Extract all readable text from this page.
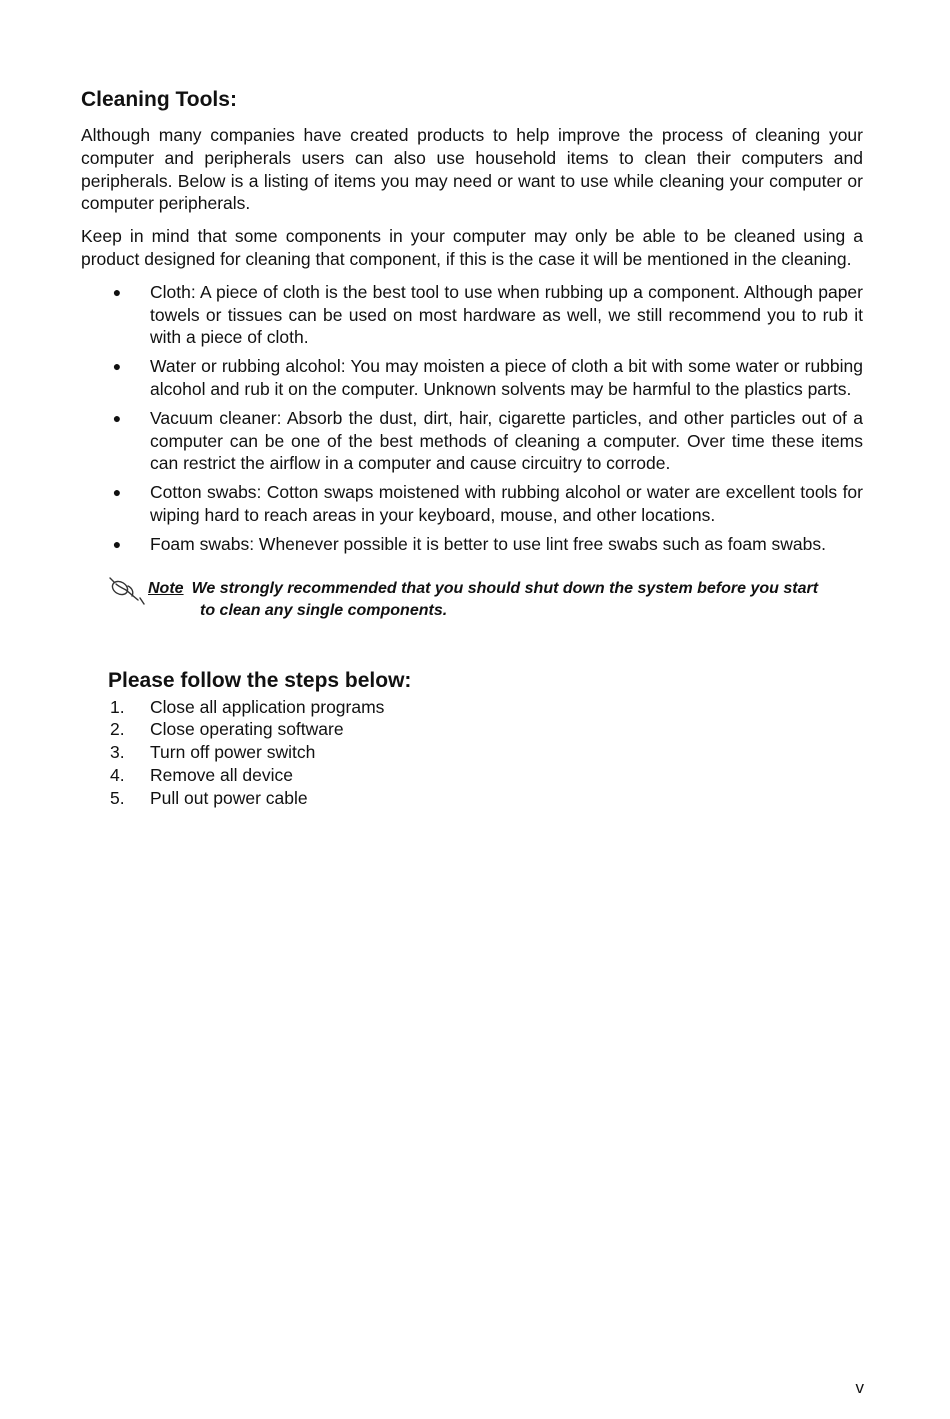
Cleaning Tools:

Although many companies have created products to help improve the process of cleaning your computer and peripherals users can also use household items to clean their computers and peripherals. Below is a listing of items you may need or want to use while cleaning your computer or computer peripherals.

Keep in mind that some components in your computer may only be able to be cleaned using a product designed for cleaning that component, if this is the case it will be mentioned in the cleaning.

● Cloth: A piece of cloth is the best tool to use when rubbing up a component. Although paper towels or tissues can be used on most hardware as well, we still recommend you to rub it with a piece of cloth.
● Water or rubbing alcohol: You may moisten a piece of cloth a bit with some water or rubbing alcohol and rub it on the computer. Unknown solvents may be harmful to the plastics parts.
● Vacuum cleaner: Absorb the dust, dirt, hair, cigarette particles, and other particles out of a computer can be one of the best methods of cleaning a computer. Over time these items can restrict the airflow in a computer and cause circuitry to corrode.
● Cotton swabs: Cotton swaps moistened with rubbing alcohol or water are excellent tools for wiping hard to reach areas in your keyboard, mouse, and other locations.
● Foam swabs: Whenever possible it is better to use lint free swabs such as foam swabs.
Note We strongly recommended that you should shut down the system before you start
to clean any single components.
Please follow the steps below:
1. Close all application programs
2. Close operating software
3. Turn off power switch
4. Remove all device
5. Pull out power cable
v
